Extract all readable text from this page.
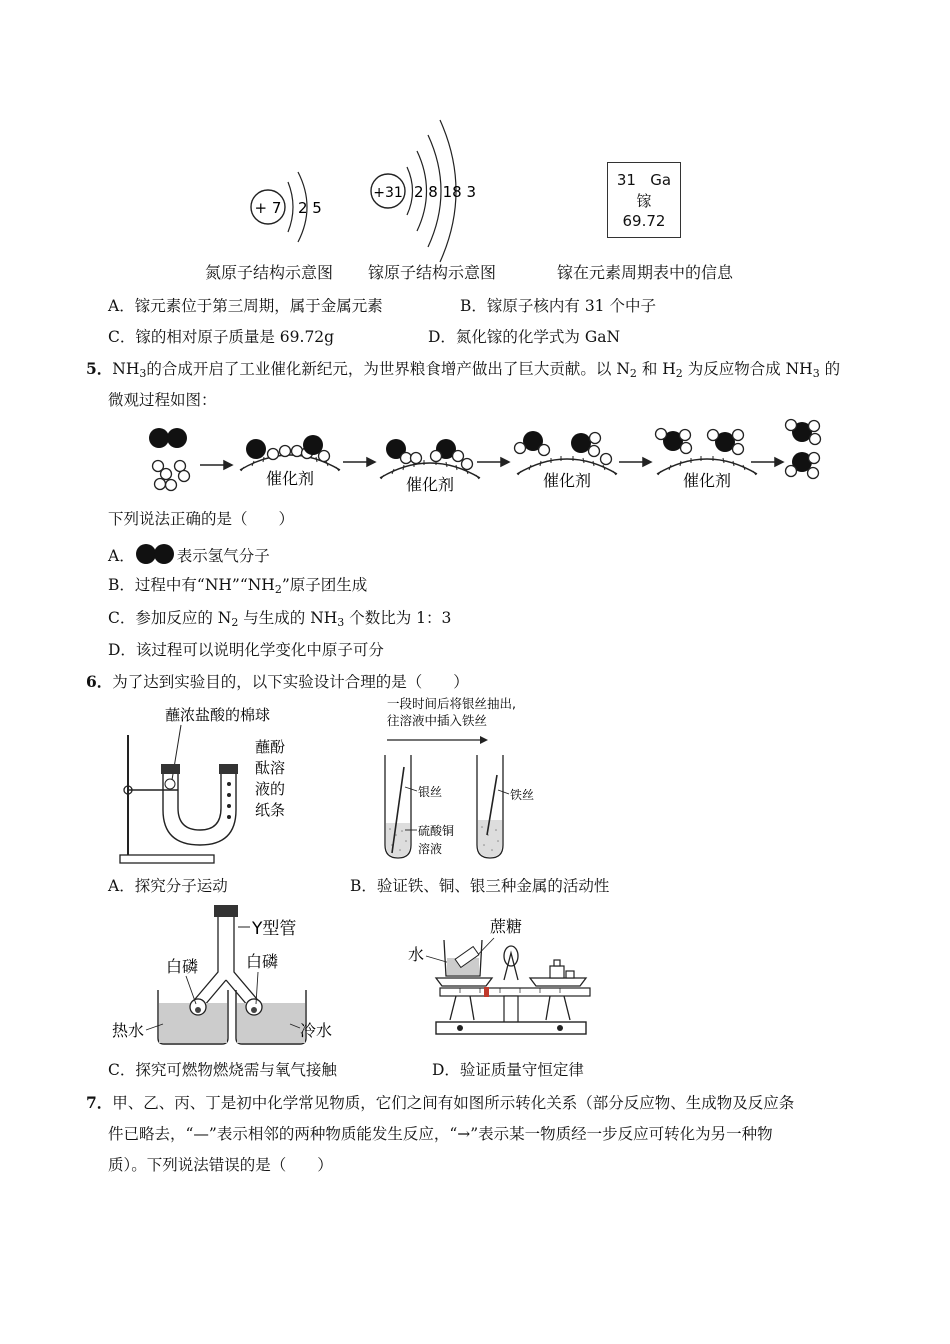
+ 7 2 5
+31 2 8 18 3
31 Ga
镓
69.72
氮原子结构示意图 镓原子结构示意图	镓在元素周期表中的信息
A．镓元素位于第三周期，属于金属元素	B．镓原子核内有 31 个中子
C．镓的相对原子质量是 69.72g	D．氮化镓的化学式为 GaN
5．$NH_3$的合成开启了工业催化新纪元，为世界粮食增产做出了巨大贡献。以 $N_2$ 和 $H_2$ 为反应物合成 $NH_3$ 的
微观过程如图：
催化剂	催化剂	催化剂	催化剂
下列说法正确的是（　　）
A．	表示氢气分子
B．过程中有“$NH”“NH_2$”原子团生成
C．参加反应的 $N_2$ 与生成的 $NH_3$ 个数比为 1：3
D．该过程可以说明化学变化中原子可分
6．为了达到实验目的，以下实验设计合理的是（　　）
蘸浓盐酸的棉球
蘸酚
酞溶
液的
纸条
一段时间后将银丝抽出,
往溶液中插入铁丝
银丝
硫酸铜
溶液
铁丝
A．探究分子运动	B．验证铁、铜、银三种金属的活动性
Y型管
白磷	白磷
热水	冷水
蔗糖
水
C．探究可燃物燃烧需与氧气接触	D．验证质量守恒定律
7．甲、乙、丙、丁是初中化学常见物质，它们之间有如图所示转化关系（部分反应物、生成物及反应条
件已略去，“—”表示相邻的两种物质能发生反应，“→”表示某一物质经一步反应可转化为另一种物
质）。下列说法错误的是（　　）
